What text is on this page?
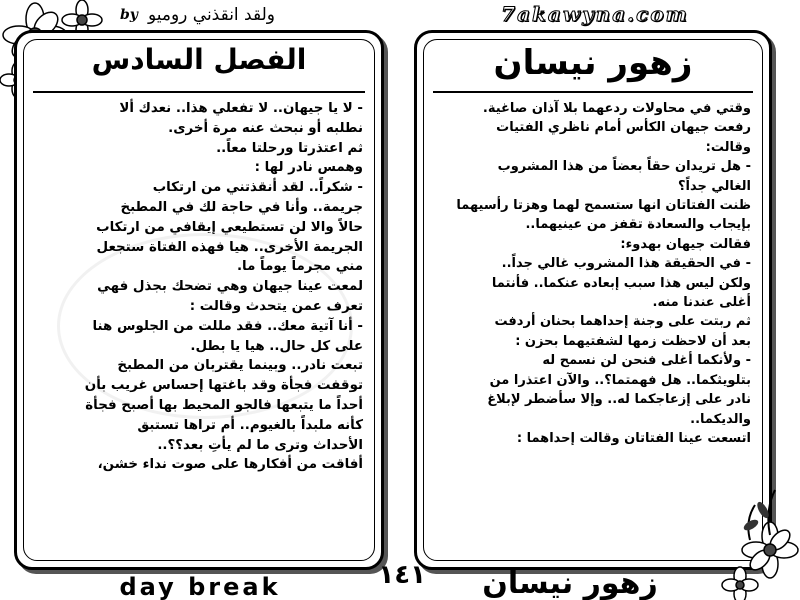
by ولقد انقذني روميو	7akawyna.com
الفصل السادس

- لا يا جيهان.. لا تفعلي هذا.. نعدك ألا

نطلبه أو نبحث عنه مرة أخرى.

ثم اعتذرتا ورحلتا معاً..

وهمس نادر لها :

- شكراً.. لقد أنقذتني من ارتكاب

جريمة.. وأنا في حاجة لك في المطبخ

حالاً والا لن تستطيعي إيقافي من ارتكاب

الجريمة الأخرى.. هيا فهذه الفتاة ستجعل

مني مجرماً يوماً ما.

لمعت عينا جيهان وهي تضحك بجذل فهي

تعرف عمن يتحدث وقالت :

- أنا آتية معك.. فقد مللت من الجلوس هنا

على كل حال.. هيا يا بطل.

تبعت نادر.. وبينما يقتربان من المطبخ

توقفت فجأة وقد باغتها إحساس غريب بأن

أحداً ما يتبعها فالجو المحيط بها أصبح فجأة

كأنه ملبداً بالغيوم.. أم تراها تستبق

الأحداث وترى ما لم يأتِ بعد؟؟..

أفاقت من أفكارها على صوت نداء خشن،

زهور نيسان

وقتي في محاولات ردعهما بلا آذان صاغية.

رفعت جيهان الكأس أمام ناظري الفتيات

وقالت:

- هل تريدان حقاً بعضاً من هذا المشروب

الغالي جداً؟

ظنت الفتاتان انها ستسمح لهما وهزتا رأسيهما

بإيجاب والسعادة تقفز من عينيهما..

فقالت جيهان بهدوء:

- في الحقيقة هذا المشروب غالي جداً..

ولكن ليس هذا سبب إبعاده عنكما.. فأنتما

أغلى عندنا منه.

ثم ربتت على وجنة إحداهما بحنان أردفت

بعد أن لاحظت زمها لشفتيهما بحزن :

- ولأنكما أغلى فنحن لن نسمح له

بتلويثكما.. هل فهمتما؟.. والآن اعتذرا من

نادر على إزعاجكما له.. وإلا سأضطر لإبلاغ

والديكما..

اتسعت عينا الفتاتان وقالت إحداهما :

day break	١٤١	زهور نيسان
